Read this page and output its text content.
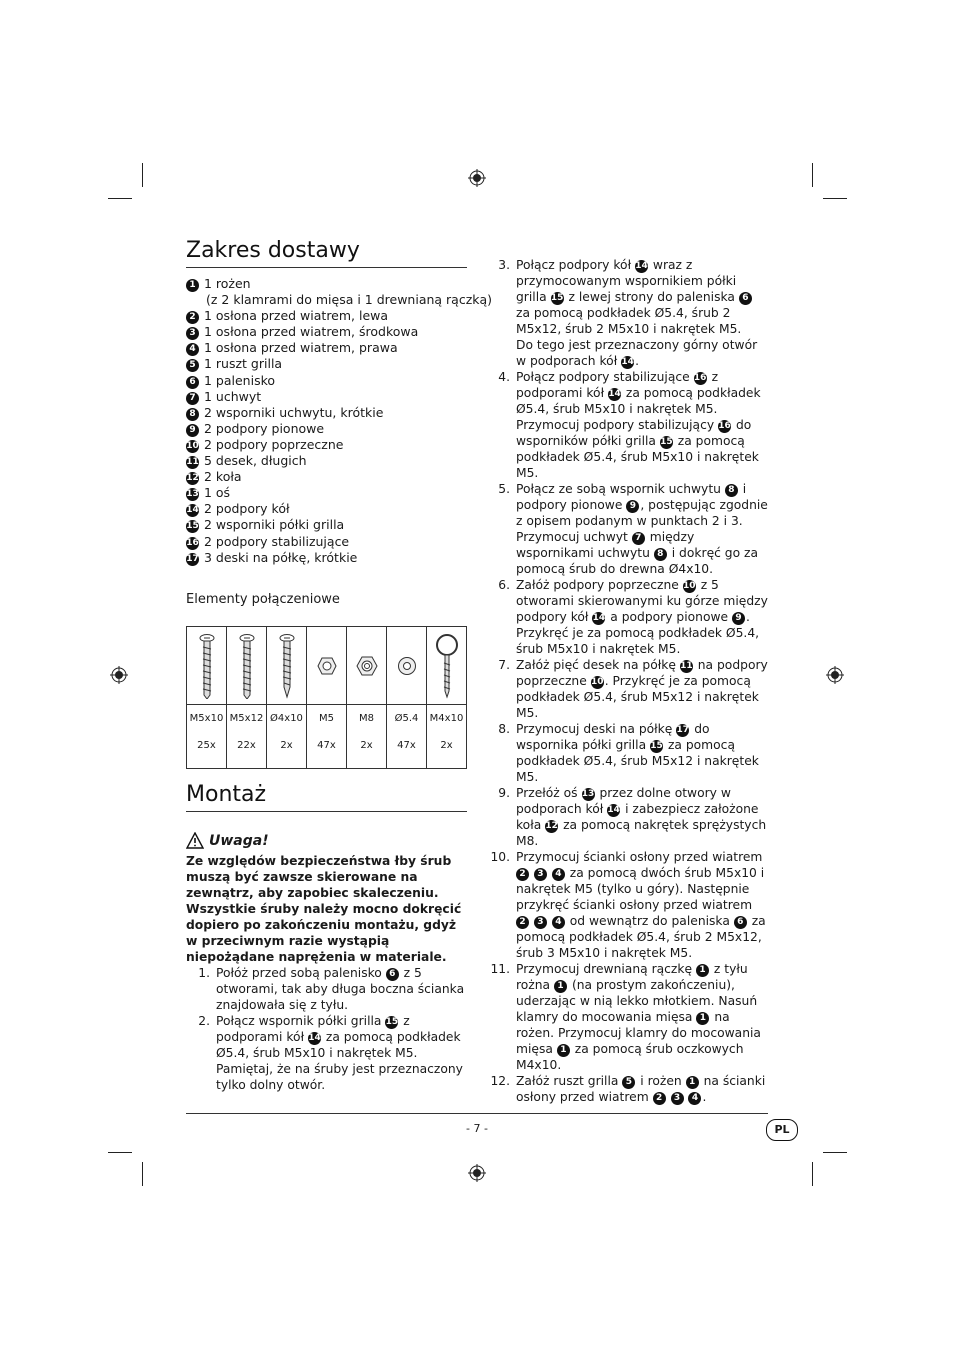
Zakres dostawy
1 1 rożen
(z 2 klamrami do mięsa i 1 drewnianą rączką)
2 1 osłona przed wiatrem, lewa
3 1 osłona przed wiatrem, środkowa
4 1 osłona przed wiatrem, prawa
5 1 ruszt grilla
6 1 palenisko
7 1 uchwyt
8 2 wsporniki uchwytu, krótkie
9 2 podpory pionowe
10 2 podpory poprzeczne
11 5 desek, długich
12 2 koła
13 1 oś
14 2 podpory kół
15 2 wsporniki półki grilla
16 2 podpory stabilizujące
17 3 deski na półkę, krótkie
Elementy połączeniowe
M5x10
25x
M5x12
22x
Ø4x10
2x
M5
47x
M8
2x
Ø5.4
47x
M4x10
2x
Montaż
Uwaga!
Ze względów bezpieczeństwa łby śrub muszą być zawsze skierowane na zewnątrz, aby zapobiec skaleczeniu. Wszystkie śruby należy mocno dokręcić dopiero po zakończeniu montażu, gdyż w przeciwnym razie wystąpią niepożądane naprężenia w materiale.
1. Połóż przed sobą palenisko 6 z 5 otworami, tak aby długa boczna ścianka znajdowała się z tyłu.
2. Połącz wspornik półki grilla 15 z podporami kół 14 za pomocą podkładek Ø5.4, śrub M5x10 i nakrętek M5.
Pamiętaj, że na śruby jest przeznaczony tylko dolny otwór.
3. Połącz podpory kół 14 wraz z przymocowanym wspornikiem półki grilla 15 z lewej strony do paleniska 6 za pomocą podkładek Ø5.4, śrub 2 M5x12, śrub 2 M5x10 i nakrętek M5.
Do tego jest przeznaczony górny otwór w podporach kół 14.
4. Połącz podpory stabilizujące 16 z podporami kół 14 za pomocą podkładek Ø5.4, śrub M5x10 i nakrętek M5. Przymocuj podpory stabilizujący 16 do wsporników półki grilla 15 za pomocą podkładek Ø5.4, śrub M5x10 i nakrętek M5.
5. Połącz ze sobą wspornik uchwytu 8 i podpory pionowe 9 , postępując zgodnie z opisem podanym w punktach 2 i 3. Przymocuj uchwyt 7 między wspornikami uchwytu 8 i dokręć go za pomocą śrub do drewna Ø4x10.
6. Załóż podpory poprzeczne 10 z 5 otworami skierowanymi ku górze między podpory kół 14 a podpory pionowe 9 . Przykręć je za pomocą podkładek Ø5.4, śrub M5x10 i nakrętek M5.
7. Załóż pięć desek na półkę 11 na podpory poprzeczne 10. Przykręć je za pomocą podkładek Ø5.4, śrub M5x12 i nakrętek M5.
8. Przymocuj deski na półkę 17 do wspornika półki grilla 15 za pomocą podkładek Ø5.4, śrub M5x12 i nakrętek M5.
9. Przełóż oś 13 przez dolne otwory w podporach kół 14 i zabezpiecz założone koła 12 za pomocą nakrętek sprężystych M8.
10. Przymocuj ścianki osłony przed wiatrem 2 3 4 za pomocą dwóch śrub M5x10 i nakrętek M5 (tylko u góry). Następnie przykręć ścianki osłony przed wiatrem 2 3 4 od wewnątrz do paleniska 6 za pomocą podkładek Ø5.4, śrub 2 M5x12, śrub 3 M5x10 i nakrętek M5.
11. Przymocuj drewnianą rączkę 1 z tyłu rożna 1 (na prostym zakończeniu), uderzając w nią lekko młotkiem. Nasuń klamry do mocowania mięsa 1 na rożen. Przymocuj klamry do mocowania mięsa 1 za pomocą śrub oczkowych M4x10.
12. Załóż ruszt grilla 5 i rożen 1 na ścianki osłony przed wiatrem 2 3 4 .
- 7 -	PL
